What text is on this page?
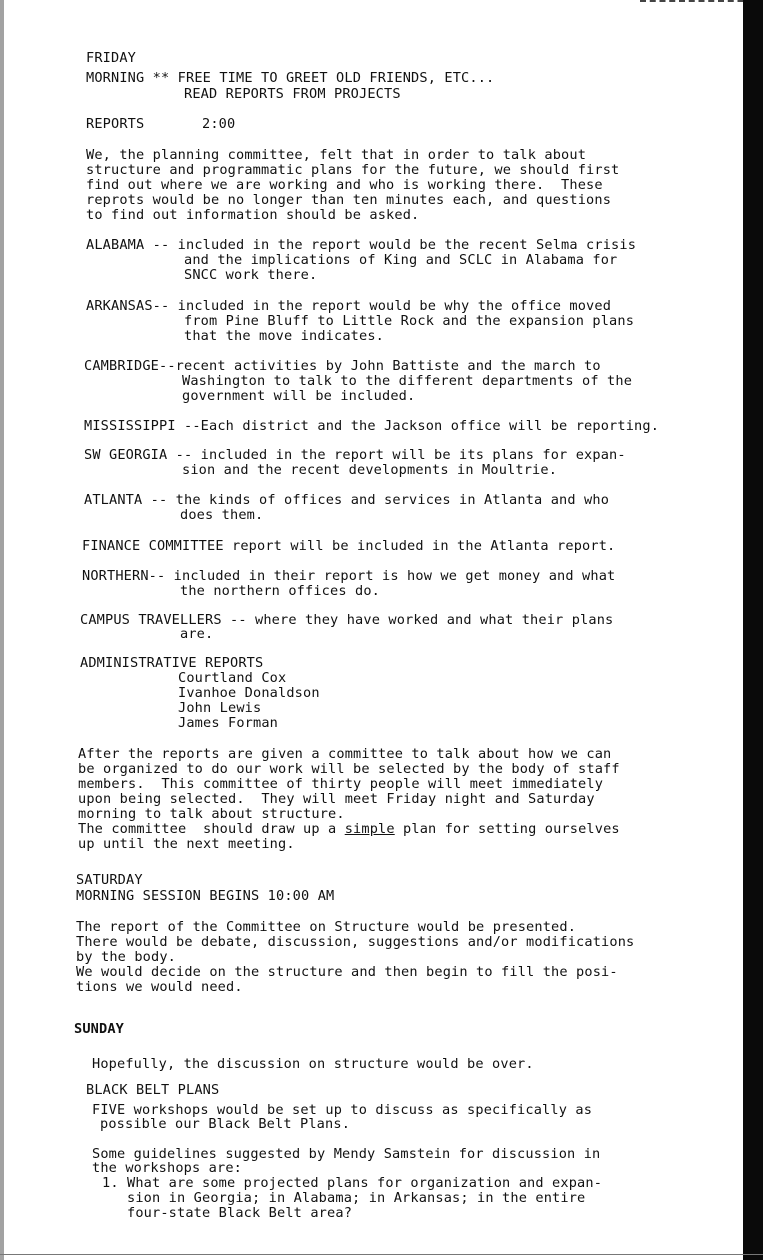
FRIDAY
MORNING ** FREE TIME TO GREET OLD FRIENDS, ETC...
READ REPORTS FROM PROJECTS
REPORTS	2:00
We, the planning committee, felt that in order to talk about
structure and programmatic plans for the future, we should first
find out where we are working and who is working there.  These
reprots would be no longer than ten minutes each, and questions
to find out information should be asked.
ALABAMA -- included in the report would be the recent Selma crisis
and the implications of King and SCLC in Alabama for
SNCC work there.
ARKANSAS-- included in the report would be why the office moved
from Pine Bluff to Little Rock and the expansion plans
that the move indicates.
CAMBRIDGE--recent activities by John Battiste and the march to
Washington to talk to the different departments of the
government will be included.
MISSISSIPPI --Each district and the Jackson office will be reporting.
SW GEORGIA -- included in the report will be its plans for expan-
sion and the recent developments in Moultrie.
ATLANTA -- the kinds of offices and services in Atlanta and who
does them.
FINANCE COMMITTEE report will be included in the Atlanta report.
NORTHERN-- included in their report is how we get money and what
the northern offices do.
CAMPUS TRAVELLERS -- where they have worked and what their plans
are.
ADMINISTRATIVE REPORTS
Courtland Cox
Ivanhoe Donaldson
John Lewis
James Forman
After the reports are given a committee to talk about how we can
be organized to do our work will be selected by the body of staff
members.  This committee of thirty people will meet immediately
upon being selected.  They will meet Friday night and Saturday
morning to talk about structure.
The committee  should draw up a simple plan for setting ourselves
up until the next meeting.
SATURDAY
MORNING SESSION BEGINS 10:00 AM
The report of the Committee on Structure would be presented.
There would be debate, discussion, suggestions and/or modifications
by the body.
We would decide on the structure and then begin to fill the posi-
tions we would need.
SUNDAY
Hopefully, the discussion on structure would be over.
BLACK BELT PLANS
FIVE workshops would be set up to discuss as specifically as
possible our Black Belt Plans.
Some guidelines suggested by Mendy Samstein for discussion in
the workshops are:
1. What are some projected plans for organization and expan-
sion in Georgia; in Alabama; in Arkansas; in the entire
four-state Black Belt area?
